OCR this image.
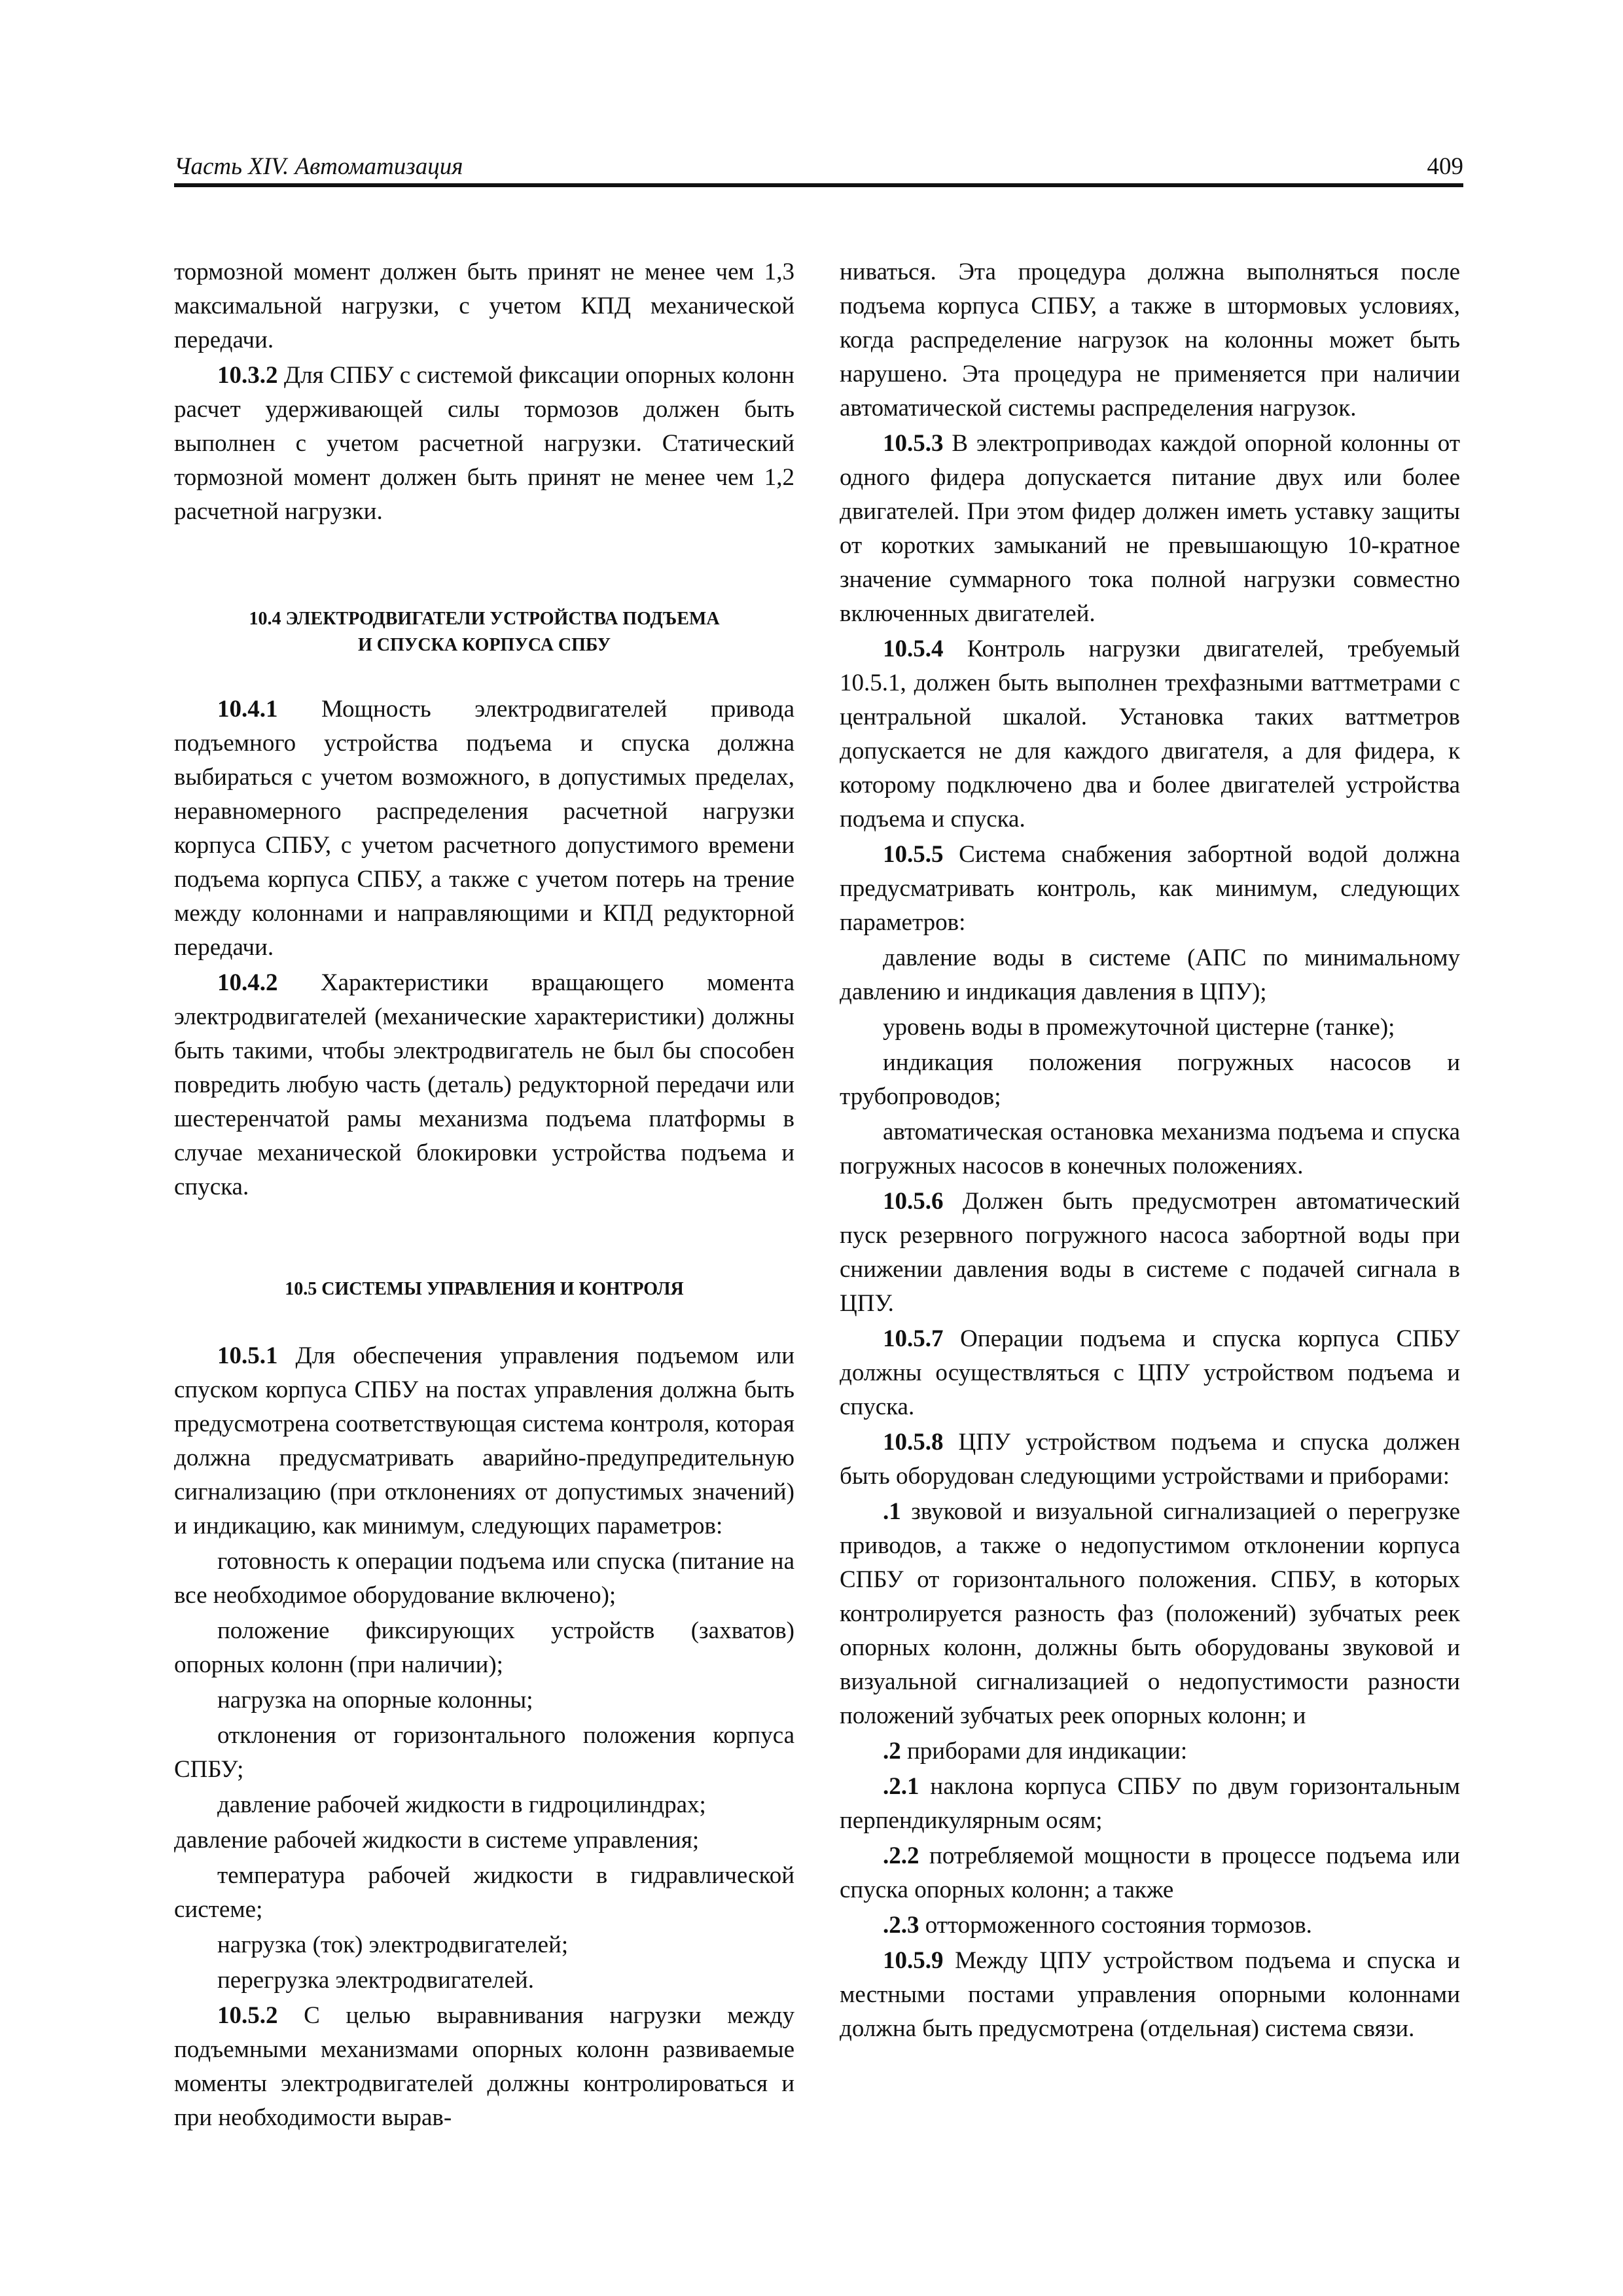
Часть XIV. Автоматизация	409

тормозной момент должен быть принят не менее чем 1,3 максимальной нагрузки, с учетом КПД механической передачи.

10.3.2 Для СПБУ с системой фиксации опорных колонн расчет удерживающей силы тормозов должен быть выполнен с учетом расчетной нагрузки. Статический тормозной момент должен быть принят не менее чем 1,2 расчетной нагрузки.

10.4 ЭЛЕКТРОДВИГАТЕЛИ УСТРОЙСТВА ПОДЪЕМА
И СПУСКА КОРПУСА СПБУ

10.4.1 Мощность электродвигателей привода подъемного устройства подъема и спуска должна выбираться с учетом возможного, в допустимых пределах, неравномерного распределения расчетной нагрузки корпуса СПБУ, с учетом расчетного допустимого времени подъема корпуса СПБУ, а также с учетом потерь на трение между колоннами и направляющими и КПД редукторной передачи.

10.4.2 Характеристики вращающего момента электродвигателей (механические характеристики) должны быть такими, чтобы электродвигатель не был бы способен повредить любую часть (деталь) редукторной передачи или шестеренчатой рамы механизма подъема платформы в случае механической блокировки устройства подъема и спуска.

10.5 СИСТЕМЫ УПРАВЛЕНИЯ И КОНТРОЛЯ

10.5.1 Для обеспечения управления подъемом или спуском корпуса СПБУ на постах управления должна быть предусмотрена соответствующая система контроля, которая должна предусматривать аварийно-предупредительную сигнализацию (при отклонениях от допустимых значений) и индикацию, как минимум, следующих параметров:

готовность к операции подъема или спуска (питание на все необходимое оборудование включено);

положение фиксирующих устройств (захватов) опорных колонн (при наличии);

нагрузка на опорные колонны;

отклонения от горизонтального положения корпуса СПБУ;

давление рабочей жидкости в гидроцилиндрах;

давление рабочей жидкости в системе управления;

температура рабочей жидкости в гидравлической системе;

нагрузка (ток) электродвигателей;

перегрузка электродвигателей.

10.5.2 С целью выравнивания нагрузки между подъемными механизмами опорных колонн развиваемые моменты электродвигателей должны контролироваться и при необходимости вырав-

ниваться. Эта процедура должна выполняться после подъема корпуса СПБУ, а также в штормовых условиях, когда распределение нагрузок на колонны может быть нарушено. Эта процедура не применяется при наличии автоматической системы распределения нагрузок.

10.5.3 В электроприводах каждой опорной колонны от одного фидера допускается питание двух или более двигателей. При этом фидер должен иметь уставку защиты от коротких замыканий не превышающую 10-кратное значение суммарного тока полной нагрузки совместно включенных двигателей.

10.5.4 Контроль нагрузки двигателей, требуемый 10.5.1, должен быть выполнен трехфазными ваттметрами с центральной шкалой. Установка таких ваттметров допускается не для каждого двигателя, а для фидера, к которому подключено два и более двигателей устройства подъема и спуска.

10.5.5 Система снабжения забортной водой должна предусматривать контроль, как минимум, следующих параметров:

давление воды в системе (АПС по минимальному давлению и индикация давления в ЦПУ);

уровень воды в промежуточной цистерне (танке);

индикация положения погружных насосов и трубопроводов;

автоматическая остановка механизма подъема и спуска погружных насосов в конечных положениях.

10.5.6 Должен быть предусмотрен автоматический пуск резервного погружного насоса забортной воды при снижении давления воды в системе с подачей сигнала в ЦПУ.

10.5.7 Операции подъема и спуска корпуса СПБУ должны осуществляться с ЦПУ устройством подъема и спуска.

10.5.8 ЦПУ устройством подъема и спуска должен быть оборудован следующими устройствами и приборами:

.1 звуковой и визуальной сигнализацией о перегрузке приводов, а также о недопустимом отклонении корпуса СПБУ от горизонтального положения. СПБУ, в которых контролируется разность фаз (положений) зубчатых реек опорных колонн, должны быть оборудованы звуковой и визуальной сигнализацией о недопустимости разности положений зубчатых реек опорных колонн; и

.2 приборами для индикации:

.2.1 наклона корпуса СПБУ по двум горизонтальным перпендикулярным осям;

.2.2 потребляемой мощности в процессе подъема или спуска опорных колонн; а также

.2.3 отторможенного состояния тормозов.

10.5.9 Между ЦПУ устройством подъема и спуска и местными постами управления опорными колоннами должна быть предусмотрена (отдельная) система связи.
